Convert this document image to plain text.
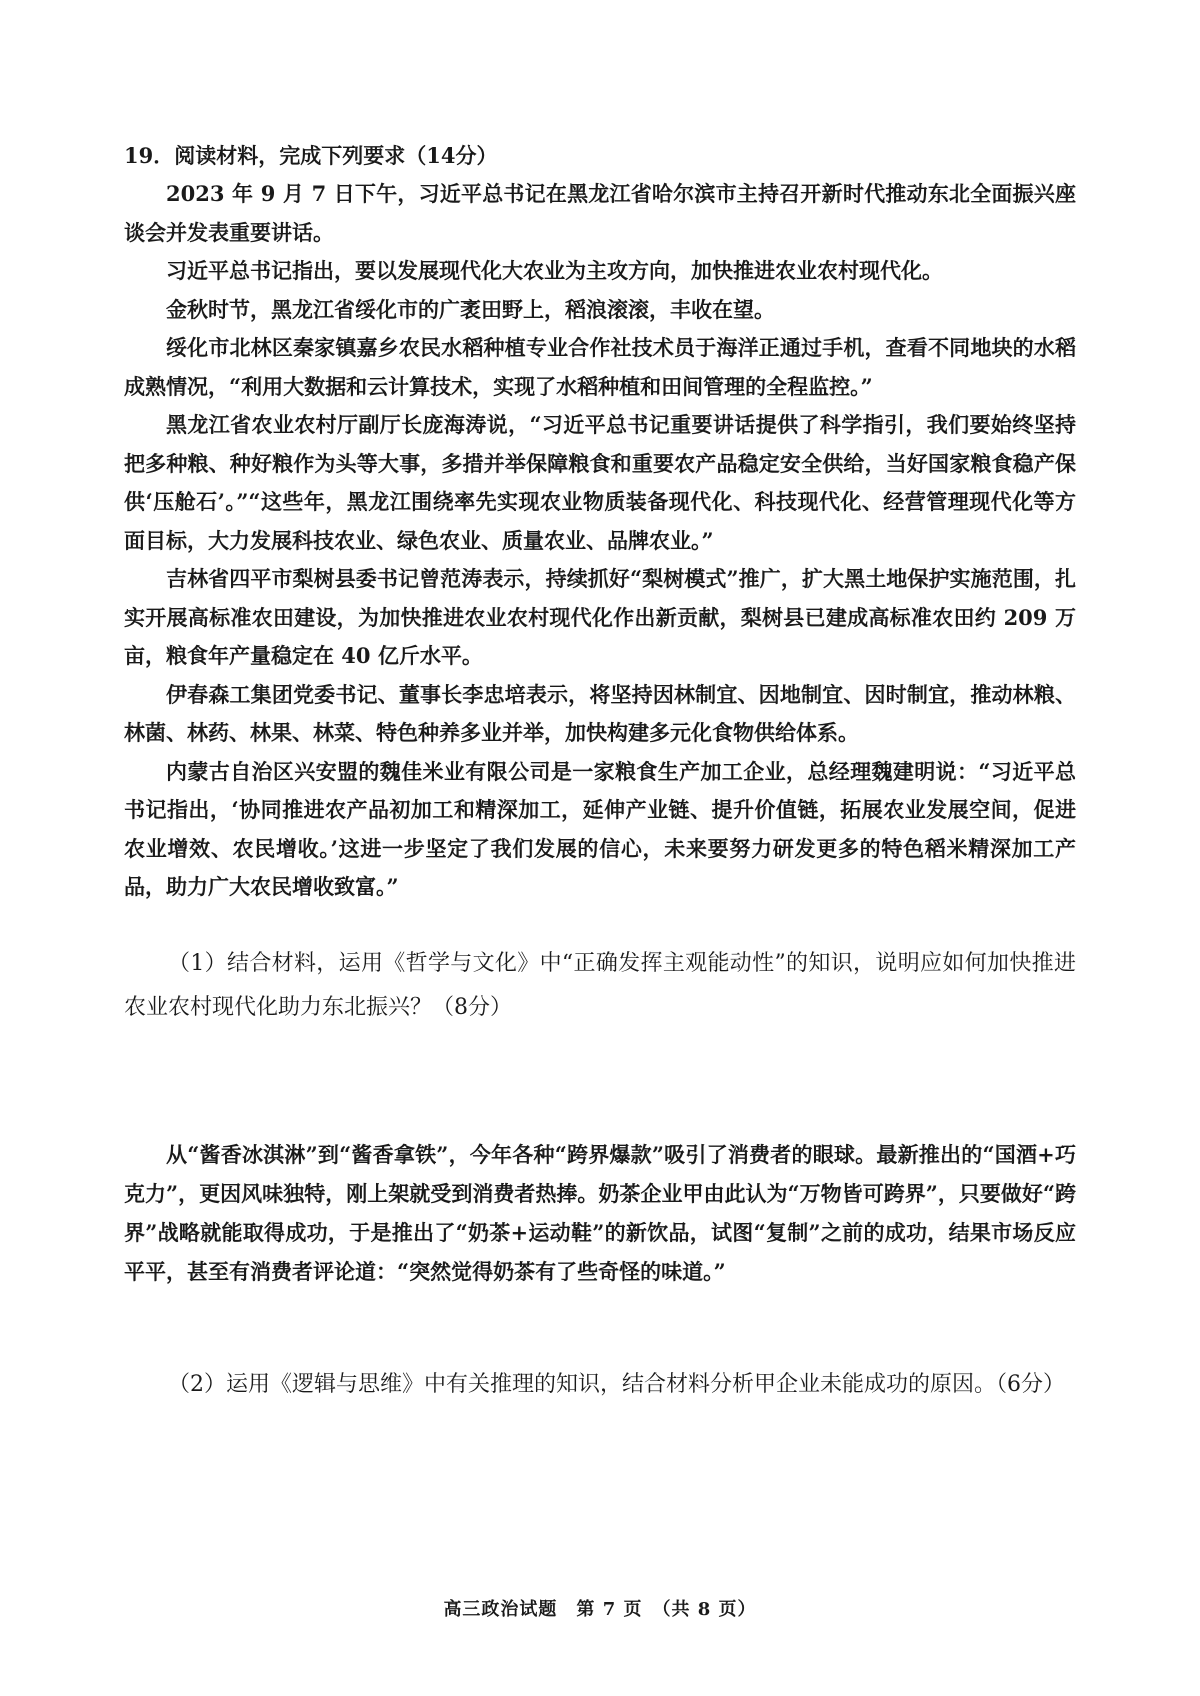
19．阅读材料，完成下列要求（14分）

2023 年 9 月 7 日下午，习近平总书记在黑龙江省哈尔滨市主持召开新时代推动东北全面振兴座谈会并发表重要讲话。

习近平总书记指出，要以发展现代化大农业为主攻方向，加快推进农业农村现代化。

金秋时节，黑龙江省绥化市的广袤田野上，稻浪滚滚，丰收在望。

绥化市北林区秦家镇嘉乡农民水稻种植专业合作社技术员于海洋正通过手机，查看不同地块的水稻成熟情况，“利用大数据和云计算技术，实现了水稻种植和田间管理的全程监控。”

黑龙江省农业农村厅副厅长庞海涛说，“习近平总书记重要讲话提供了科学指引，我们要始终坚持把多种粮、种好粮作为头等大事，多措并举保障粮食和重要农产品稳定安全供给，当好国家粮食稳产保供‘压舱石’。”“这些年，黑龙江围绕率先实现农业物质装备现代化、科技现代化、经营管理现代化等方面目标，大力发展科技农业、绿色农业、质量农业、品牌农业。”

吉林省四平市梨树县委书记曾范涛表示，持续抓好“梨树模式”推广，扩大黑土地保护实施范围，扎实开展高标准农田建设，为加快推进农业农村现代化作出新贡献，梨树县已建成高标准农田约 209 万亩，粮食年产量稳定在 40 亿斤水平。

伊春森工集团党委书记、董事长李忠培表示，将坚持因林制宜、因地制宜、因时制宜，推动林粮、林菌、林药、林果、林菜、特色种养多业并举，加快构建多元化食物供给体系。

内蒙古自治区兴安盟的魏佳米业有限公司是一家粮食生产加工企业，总经理魏建明说：“习近平总书记指出，‘协同推进农产品初加工和精深加工，延伸产业链、提升价值链，拓展农业发展空间，促进农业增效、农民增收。’这进一步坚定了我们发展的信心，未来要努力研发更多的特色稻米精深加工产品，助力广大农民增收致富。”

（1）结合材料，运用《哲学与文化》中“正确发挥主观能动性”的知识，说明应如何加快推进农业农村现代化助力东北振兴？（8分）

从“酱香冰淇淋”到“酱香拿铁”，今年各种“跨界爆款”吸引了消费者的眼球。最新推出的“国酒+巧克力”，更因风味独特，刚上架就受到消费者热捧。奶茶企业甲由此认为“万物皆可跨界”，只要做好“跨界”战略就能取得成功，于是推出了“奶茶+运动鞋”的新饮品，试图“复制”之前的成功，结果市场反应平平，甚至有消费者评论道：“突然觉得奶茶有了些奇怪的味道。”

（2）运用《逻辑与思维》中有关推理的知识，结合材料分析甲企业未能成功的原因。（6分）

高三政治试题　第 7 页　（共 8 页）
